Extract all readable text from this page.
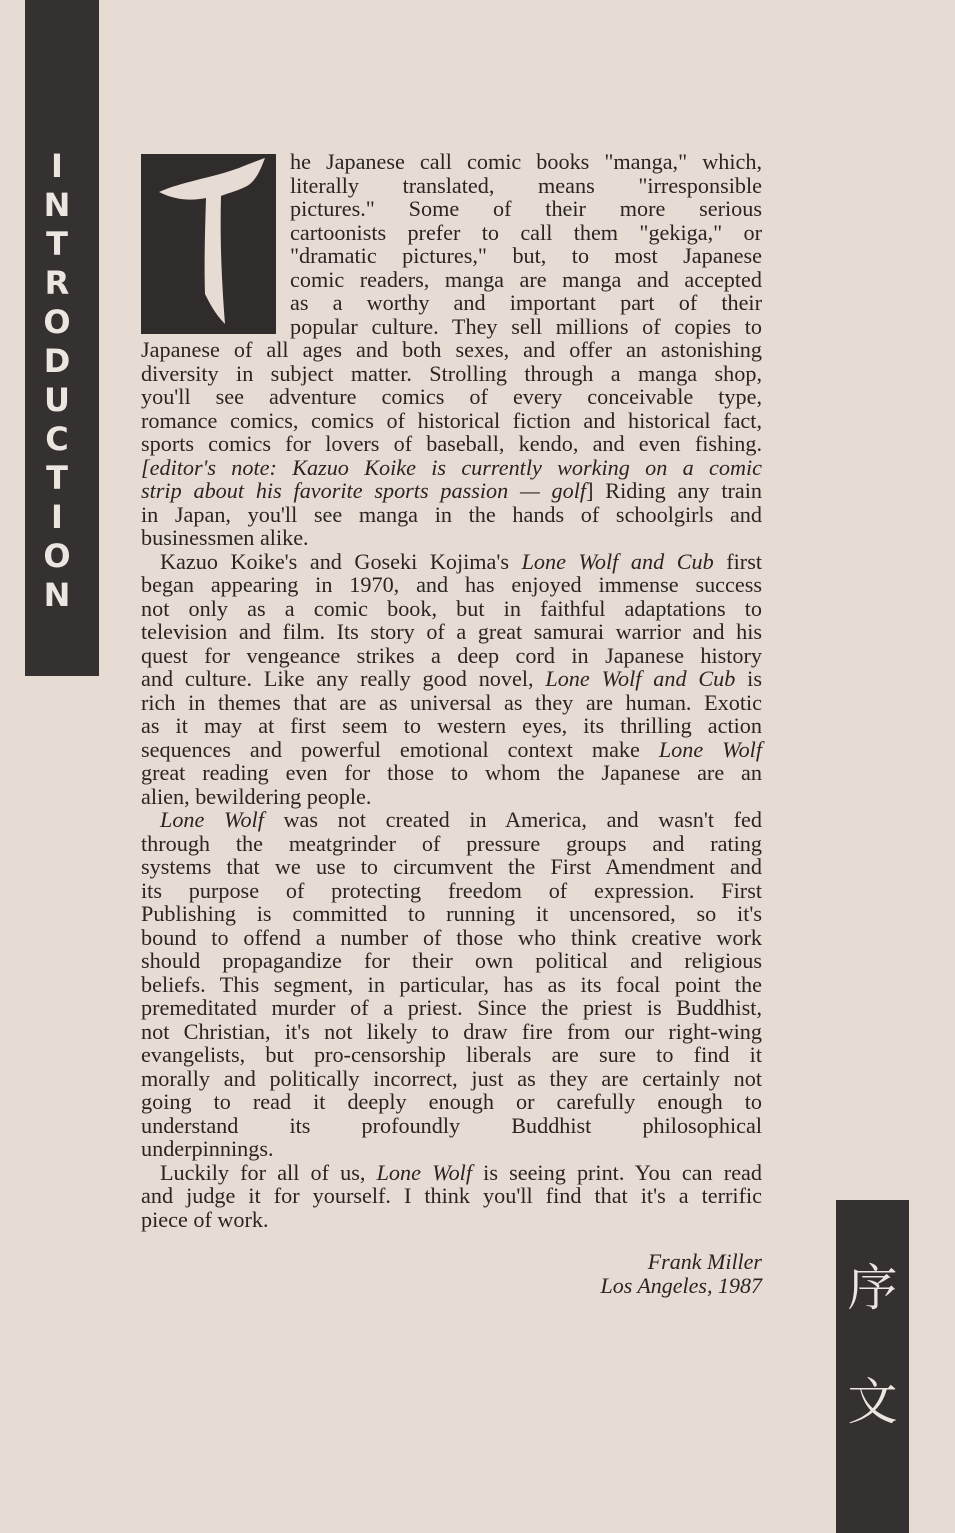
I
N
T
R
O
D
U
C
T
I
O
N
序
文
he Japanese call comic books "manga," which,
literally translated, means "irresponsible
pictures." Some of their more serious
cartoonists prefer to call them "gekiga," or
"dramatic pictures," but, to most Japanese
comic readers, manga are manga and accepted
as a worthy and important part of their
popular culture. They sell millions of copies to
Japanese of all ages and both sexes, and offer an astonishing
diversity in subject matter. Strolling through a manga shop,
you'll see adventure comics of every conceivable type,
romance comics, comics of historical fiction and historical fact,
sports comics for lovers of baseball, kendo, and even fishing.
[editor's note: Kazuo Koike is currently working on a comic
strip about his favorite sports passion — golf] Riding any train
in Japan, you'll see manga in the hands of schoolgirls and
businessmen alike.
Kazuo Koike's and Goseki Kojima's Lone Wolf and Cub first
began appearing in 1970, and has enjoyed immense success
not only as a comic book, but in faithful adaptations to
television and film. Its story of a great samurai warrior and his
quest for vengeance strikes a deep cord in Japanese history
and culture. Like any really good novel, Lone Wolf and Cub is
rich in themes that are as universal as they are human. Exotic
as it may at first seem to western eyes, its thrilling action
sequences and powerful emotional context make Lone Wolf
great reading even for those to whom the Japanese are an
alien, bewildering people.
Lone Wolf was not created in America, and wasn't fed
through the meatgrinder of pressure groups and rating
systems that we use to circumvent the First Amendment and
its purpose of protecting freedom of expression. First
Publishing is committed to running it uncensored, so it's
bound to offend a number of those who think creative work
should propagandize for their own political and religious
beliefs. This segment, in particular, has as its focal point the
premeditated murder of a priest. Since the priest is Buddhist,
not Christian, it's not likely to draw fire from our right-wing
evangelists, but pro-censorship liberals are sure to find it
morally and politically incorrect, just as they are certainly not
going to read it deeply enough or carefully enough to
understand its profoundly Buddhist philosophical
underpinnings.
Luckily for all of us, Lone Wolf is seeing print. You can read
and judge it for yourself. I think you'll find that it's a terrific
piece of work.
Frank Miller
Los Angeles, 1987
